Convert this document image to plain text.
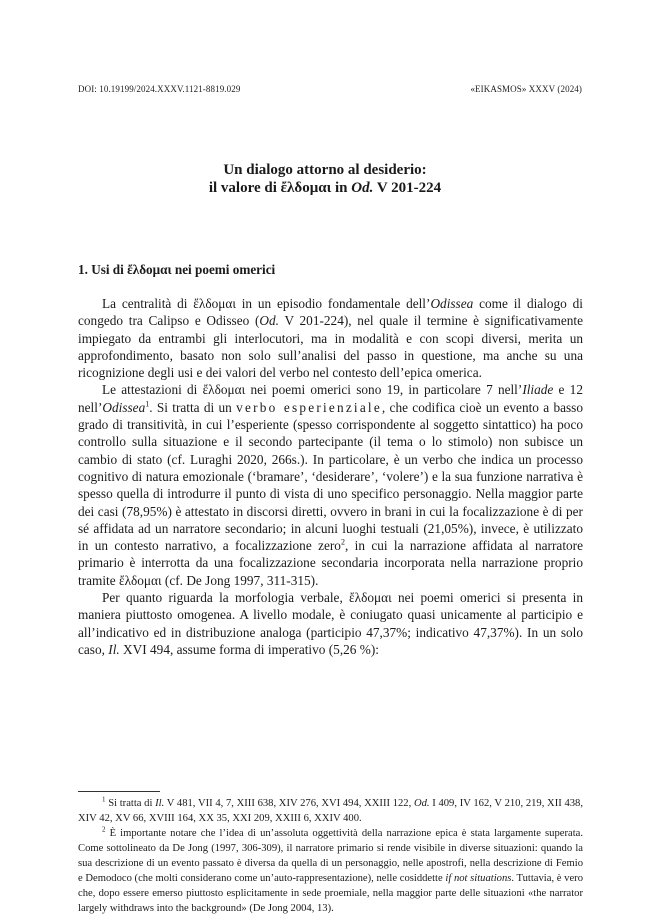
DOI: 10.19199/2024.XXXV.1121-8819.029	«EIKASMOS» XXXV (2024)
Un dialogo attorno al desiderio:
il valore di ἔλδομαι in Od. V 201-224
1. Usi di ἔλδομαι nei poemi omerici

La centralità di ἔλδομαι in un episodio fondamentale dell’Odissea come il dialogo di congedo tra Calipso e Odisseo (Od. V 201-224), nel quale il termine è significativamente impiegato da entrambi gli interlocutori, ma in modalità e con scopi diversi, merita un approfondimento, basato non solo sull’analisi del passo in questione, ma anche su una ricognizione degli usi e dei valori del verbo nel contesto dell’epica omerica.

Le attestazioni di ἔλδομαι nei poemi omerici sono 19, in particolare 7 nell’Iliade e 12 nell’Odissea$^1$. Si tratta di un verbo esperienziale, che codifica cioè un evento a basso grado di transitività, in cui l’esperiente (spesso corrispondente al soggetto sintattico) ha poco controllo sulla situazione e il secondo partecipante (il tema o lo stimolo) non subisce un cambio di stato (cf. Luraghi 2020, 266s.). In particolare, è un verbo che indica un processo cognitivo di natura emozionale (‘bramare’, ‘desiderare’, ‘volere’) e la sua funzione narrativa è spesso quella di introdurre il punto di vista di uno specifico personaggio. Nella maggior parte dei casi (78,95%) è attestato in discorsi diretti, ovvero in brani in cui la focalizzazione è di per sé affidata ad un narratore secondario; in alcuni luoghi testuali (21,05%), invece, è utilizzato in un contesto narrativo, a focalizzazione zero$^2$, in cui la narrazione affidata al narratore primario è interrotta da una focalizzazione secondaria incorporata nella narrazione proprio tramite ἔλδομαι (cf. De Jong 1997, 311-315).

Per quanto riguarda la morfologia verbale, ἔλδομαι nei poemi omerici si presenta in maniera piuttosto omogenea. A livello modale, è coniugato quasi unicamente al participio e all’indicativo ed in distribuzione analoga (participio 47,37%; indicativo 47,37%). In un solo caso, Il. XVI 494, assume forma di imperativo (5,26 %):

$^1$ Si tratta di Il. V 481, VII 4, 7, XIII 638, XIV 276, XVI 494, XXIII 122, Od. I 409, IV 162, V 210, 219, XII 438, XIV 42, XV 66, XVIII 164, XX 35, XXI 209, XXIII 6, XXIV 400.

$^2$ È importante notare che l’idea di un’assoluta oggettività della narrazione epica è stata largamente superata. Come sottolineato da De Jong (1997, 306-309), il narratore primario si rende visibile in diverse situazioni: quando la sua descrizione di un evento passato è diversa da quella di un personaggio, nelle apostrofi, nella descrizione di Femio e Demodoco (che molti considerano come un’auto-rappresentazione), nelle cosiddette if not situations. Tuttavia, è vero che, dopo essere emerso piuttosto esplicitamente in sede proemiale, nella maggior parte delle situazioni «the narrator largely withdraws into the background» (De Jong 2004, 13).
